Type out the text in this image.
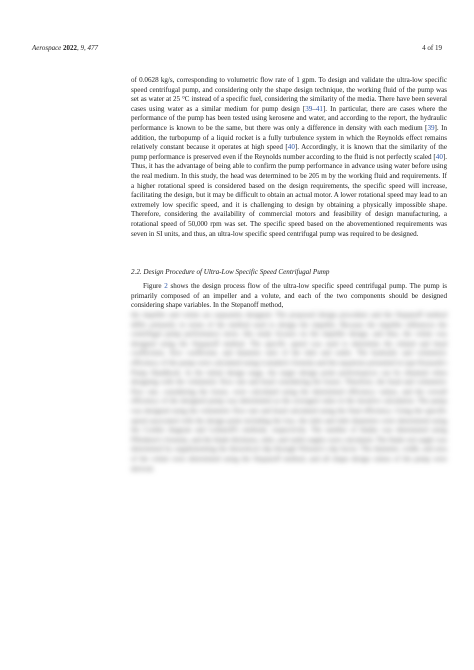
Aerospace 2022, 9, 477	4 of 19

of 0.0628 kg/s, corresponding to volumetric flow rate of 1 gpm. To design and validate the ultra-low specific speed centrifugal pump, and considering only the shape design technique, the working fluid of the pump was set as water at 25 °C instead of a specific fuel, considering the similarity of the media. There have been several cases using water as a similar medium for pump design [39–41]. In particular, there are cases where the performance of the pump has been tested using kerosene and water, and according to the report, the hydraulic performance is known to be the same, but there was only a difference in density with each medium [39]. In addition, the turbopump of a liquid rocket is a fully turbulence system in which the Reynolds effect remains relatively constant because it operates at high speed [40]. Accordingly, it is known that the similarity of the pump performance is preserved even if the Reynolds number according to the fluid is not perfectly scaled [40]. Thus, it has the advantage of being able to confirm the pump performance in advance using water before using the real medium. In this study, the head was determined to be 205 m by the working fluid and requirements. If a higher rotational speed is considered based on the design requirements, the specific speed will increase, facilitating the design, but it may be difficult to obtain an actual motor. A lower rotational speed may lead to an extremely low specific speed, and it is challenging to design by obtaining a physically impossible shape. Therefore, considering the availability of commercial motors and feasibility of design manufacturing, a rotational speed of 50,000 rpm was set. The specific speed based on the abovementioned requirements was seven in SI units, and thus, an ultra-low specific speed centrifugal pump was required to be designed.

2.2. Design Procedure of Ultra-Low Specific Speed Centrifugal Pump
Figure 2 shows the design process flow of the ultra-low specific speed centrifugal pump. The pump is primarily composed of an impeller and a volute, and each of the two components should be designed considering shape variables. In the Stepanoff method,
the impeller and volute are separately designed. The proposed design procedure and the Stepanoff method differ primarily in terms of the method used to design the impeller. Because the impeller influences the centrifugal pump performance more, this study focuses on the impeller design, and thus, the volute was designed using the Stepanoff method. The specific speed was used to determine the related and head coefficients, flow coefficient, and diameter ratio of the inlet and outlet. The hydraulic and volumetric efficiency of the pump were calculated using Lomakin's formula and the equations presented in type Karassik's Pump Handbook. In the initial design stage, the target design point performances can be obtained when designing with the volumetric flow rate and head considering the losses. Therefore, the head and volumetric flow rate, considering the losses, were calculated using the determined efficiency values, and the overall efficiency of the designed pump was determined as the averaged value in the iterative calculation. The pump was designed using the volumetric flow rate and head calculated using the final efficiency. Using the specific speed associated with the design point including the loss, the inlet and inlet diameters were determined using the Cordier diagram and Lobanoff's methods, respectively. The number of blades was determined using Pfleiderer's formula, and the blade thickness, inlet, and outlet angles were calculated. The blade exit angle was determined by supplementing the theoretical slip through Wiesner's slip factor. The diameter, width, and area of the volute were determined using the Stepanoff method, and all shape design values of the pump were derived.
